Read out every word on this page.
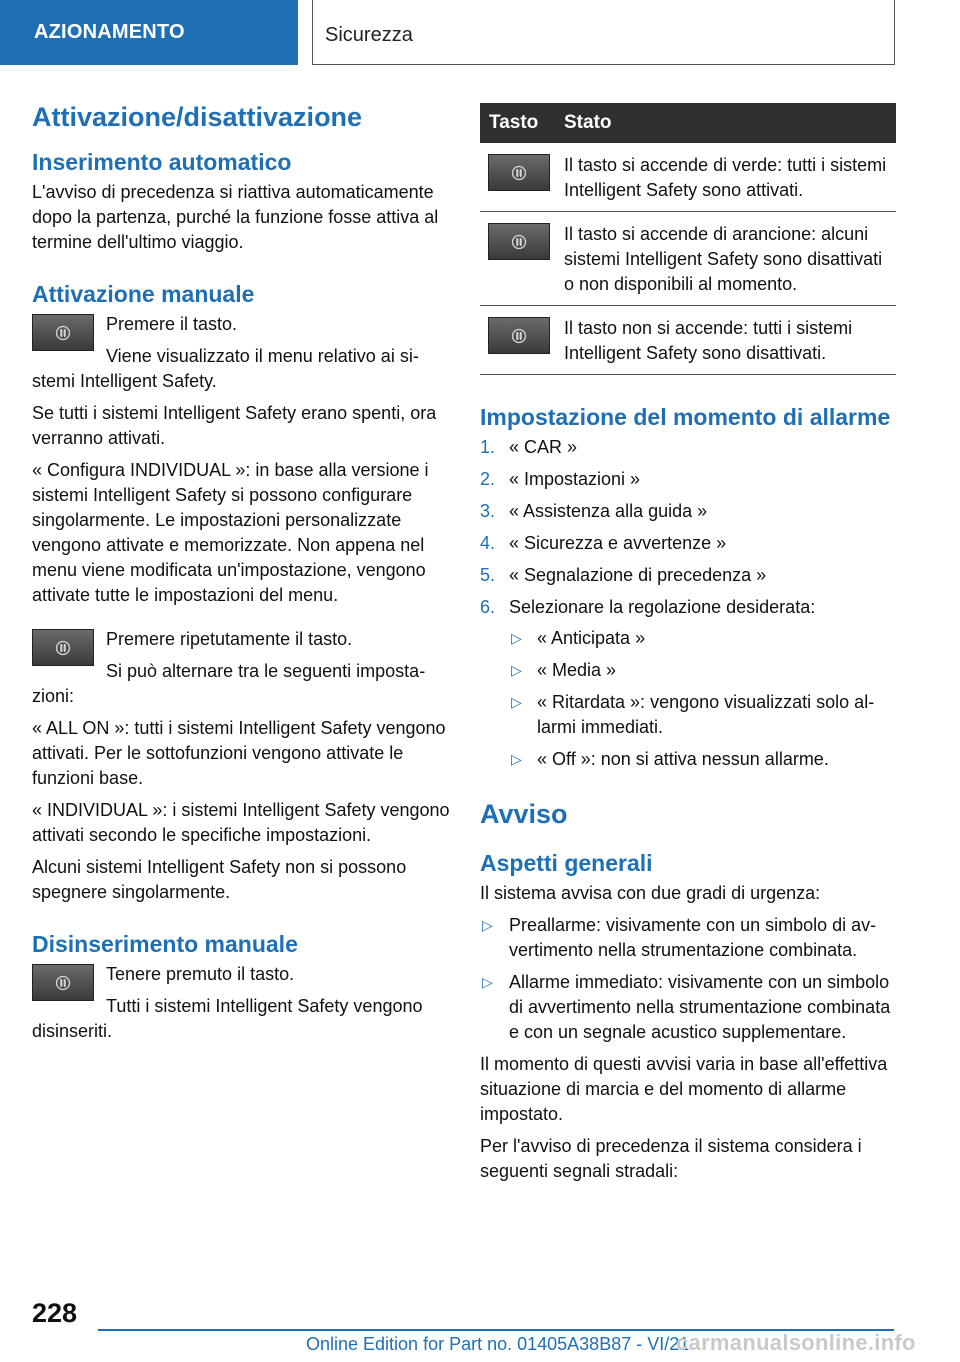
AZIONAMENTO	Sicurezza
Attivazione/disattivazione
Inserimento automatico

L'avviso di precedenza si riattiva automaticamente dopo la partenza, purché la funzione fosse attiva al termine dell'ultimo viaggio.

Attivazione manuale

Premere il tasto.

Viene visualizzato il menu relativo ai sistemi Intelligent Safety.

Se tutti i sistemi Intelligent Safety erano spenti, ora verranno attivati.

« Configura INDIVIDUAL »: in base alla versione i sistemi Intelligent Safety si possono configurare singolarmente. Le impostazioni personalizzate vengono attivate e memorizzate. Non appena nel menu viene modificata un'impostazione, vengono attivate tutte le impostazioni del menu.

Premere ripetutamente il tasto.

Si può alternare tra le seguenti impostazioni:

« ALL ON »: tutti i sistemi Intelligent Safety vengono attivati. Per le sottofunzioni vengono attivate le funzioni base.

« INDIVIDUAL »: i sistemi Intelligent Safety vengono attivati secondo le specifiche impostazioni.

Alcuni sistemi Intelligent Safety non si possono spegnere singolarmente.

Disinserimento manuale

Tenere premuto il tasto.

Tutti i sistemi Intelligent Safety vengono disinseriti.

Tasto	Stato
Il tasto si accende di verde: tutti i sistemi Intelligent Safety sono attivati.
Il tasto si accende di arancione: alcuni sistemi Intelligent Safety sono disattivati o non disponibili al momento.
Il tasto non si accende: tutti i sistemi Intelligent Safety sono disattivati.
Impostazione del momento di allarme
1. « CAR »
2. « Impostazioni »
3. « Assistenza alla guida »
4. « Sicurezza e avvertenze »
5. « Segnalazione di precedenza »
6. Selezionare la regolazione desiderata:
▷ « Anticipata »
▷ « Media »
▷ « Ritardata »: vengono visualizzati solo allarmi immediati.
▷ « Off »: non si attiva nessun allarme.
Avviso
Aspetti generali

Il sistema avvisa con due gradi di urgenza:

▷ Preallarme: visivamente con un simbolo di avvertimento nella strumentazione combinata.
▷ Allarme immediato: visivamente con un simbolo di avvertimento nella strumentazione combinata e con un segnale acustico supplementare.

Il momento di questi avvisi varia in base all'effettiva situazione di marcia e del momento di allarme impostato.

Per l'avviso di precedenza il sistema considera i seguenti segnali stradali:

228
Online Edition for Part no. 01405A38B87 - VI/21
carmanualsonline.info
